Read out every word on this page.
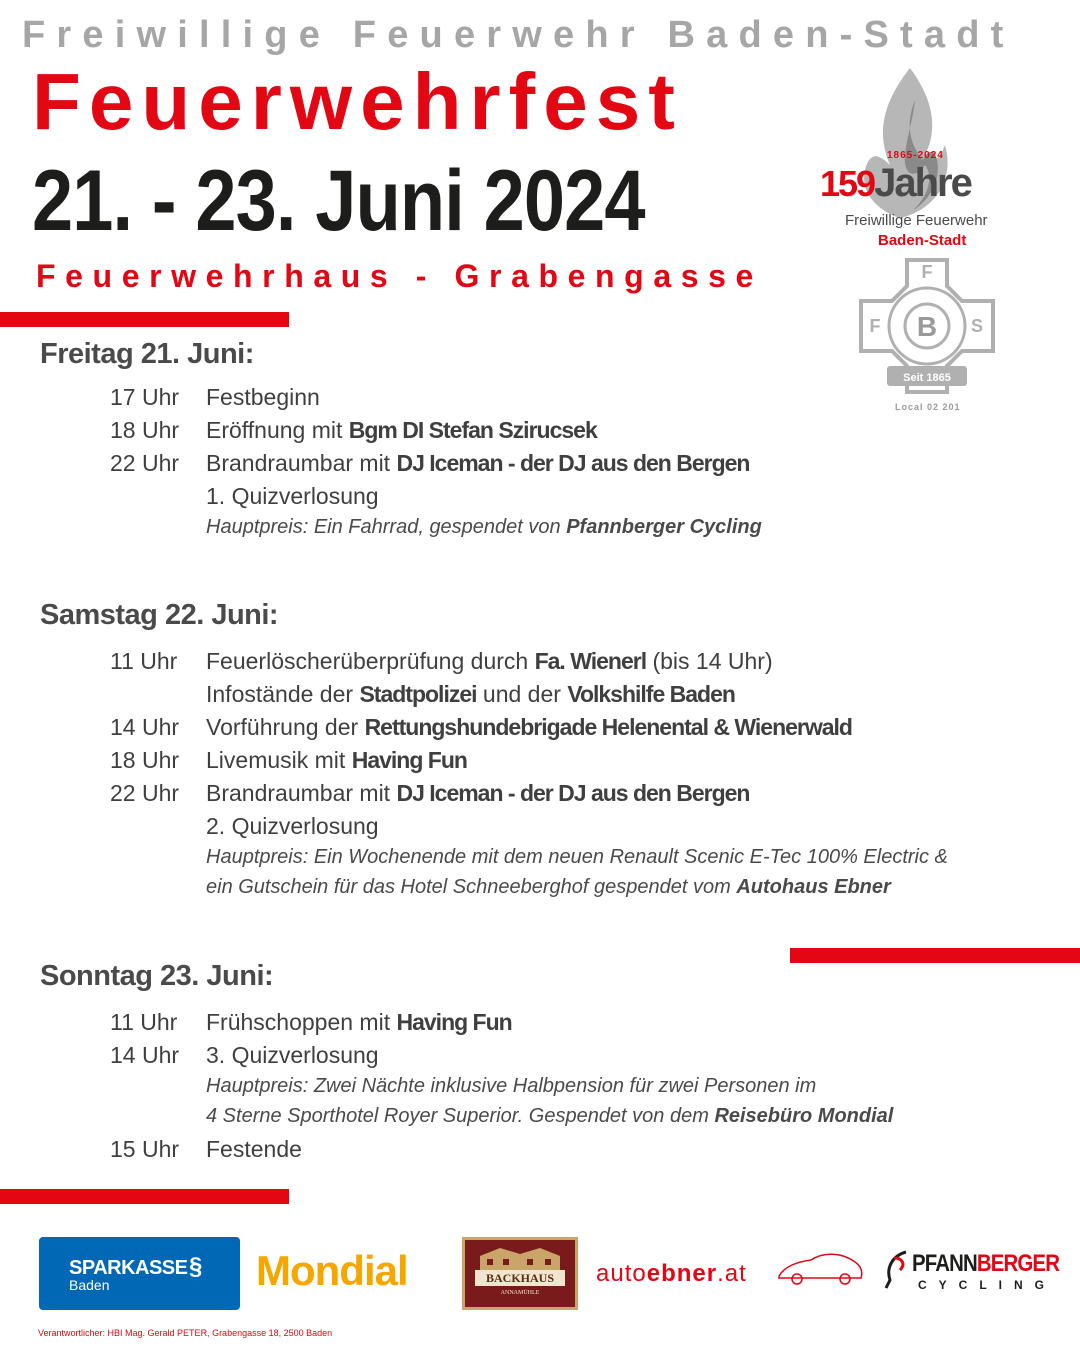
Freiwillige Feuerwehr Baden-Stadt
Feuerwehrfest
21. - 23. Juni 2024
Feuerwehrhaus - Grabengasse
1865-2024
159Jahre
Freiwillige Feuerwehr
Baden-Stadt
B
F
F	S
Seit 1865
Local 02 201
Freitag 21. Juni:
17 Uhr Festbeginn
18 Uhr Eröffnung mit Bgm DI Stefan Szirucsek
22 Uhr Brandraumbar mit DJ Iceman - der DJ aus den Bergen
1. Quizverlosung
Hauptpreis: Ein Fahrrad, gespendet von Pfannberger Cycling
Samstag 22. Juni:
11 Uhr Feuerlöscherüberprüfung durch Fa. Wienerl (bis 14 Uhr)
Infostände der Stadtpolizei und der Volkshilfe Baden
14 Uhr Vorführung der Rettungshundebrigade Helenental & Wienerwald
18 Uhr Livemusik mit Having Fun
22 Uhr Brandraumbar mit DJ Iceman - der DJ aus den Bergen
2. Quizverlosung
Hauptpreis: Ein Wochenende mit dem neuen Renault Scenic E-Tec 100% Electric &
ein Gutschein für das Hotel Schneeberghof gespendet vom Autohaus Ebner
Sonntag 23. Juni:
11 Uhr Frühschoppen mit Having Fun
14 Uhr 3. Quizverlosung
Hauptpreis: Zwei Nächte inklusive Halbpension für zwei Personen im
4 Sterne Sporthotel Royer Superior. Gespendet von dem Reisebüro Mondial
15 Uhr Festende
SPARKASSE §
Baden	Mondial	BACKHAUS
ANNAMÜHLE
autoebner.at	PFANNBERGER
CYCLING
Verantwortlicher: HBI Mag. Gerald PETER, Grabengasse 18, 2500 Baden
